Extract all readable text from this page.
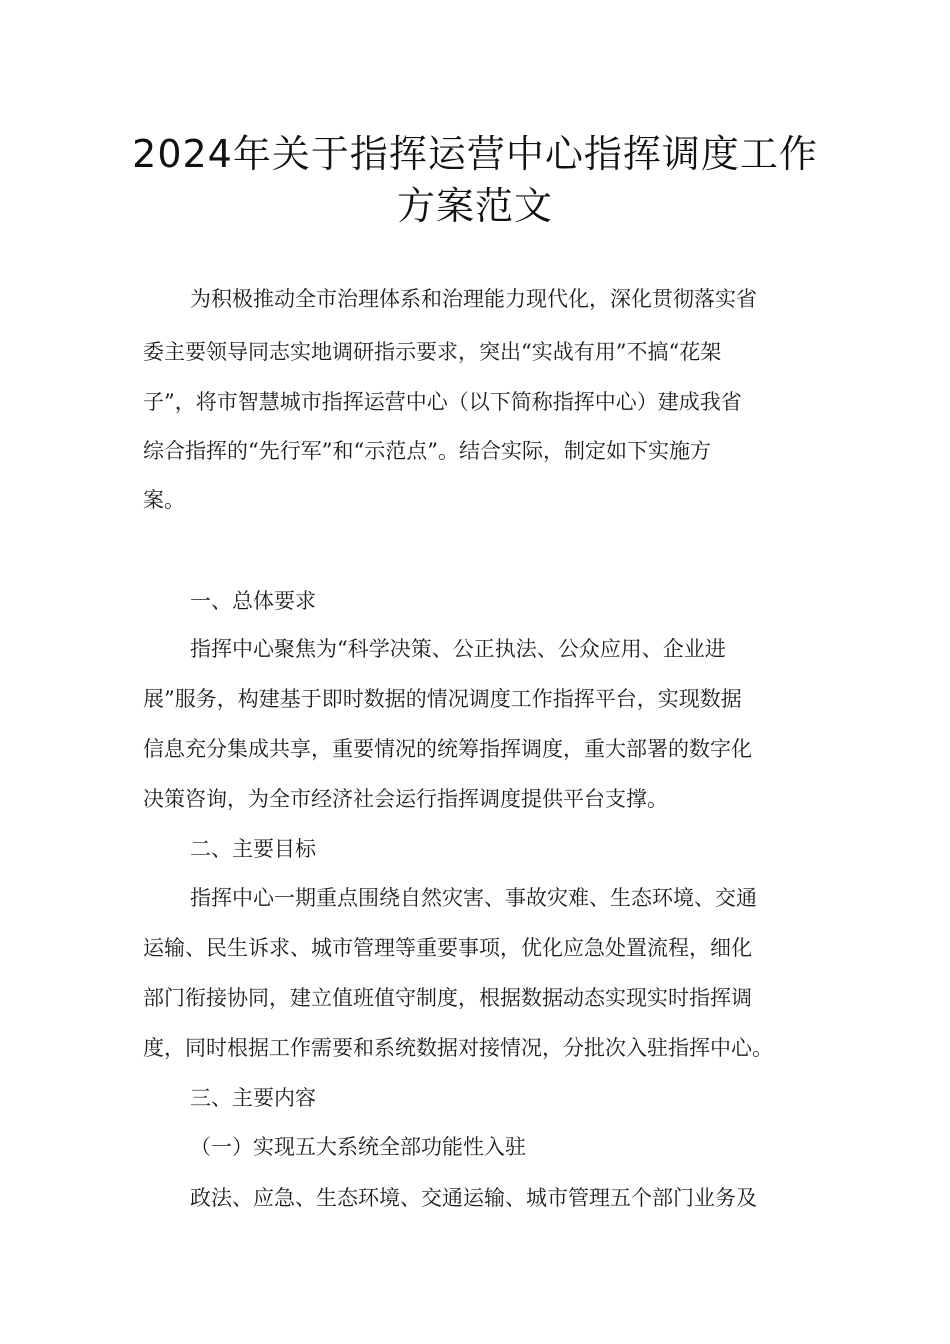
2024年关于指挥运营中心指挥调度工作
方案范文
为积极推动全市治理体系和治理能力现代化，深化贯彻落实省
委主要领导同志实地调研指示要求，突出“实战有用”不搞“花架
子”，将市智慧城市指挥运营中心（以下简称指挥中心）建成我省
综合指挥的“先行军”和“示范点”。结合实际，制定如下实施方
案。
一、总体要求
指挥中心聚焦为“科学决策、公正执法、公众应用、企业进
展”服务，构建基于即时数据的情况调度工作指挥平台，实现数据
信息充分集成共享，重要情况的统筹指挥调度，重大部署的数字化
决策咨询，为全市经济社会运行指挥调度提供平台支撑。
二、主要目标
指挥中心一期重点围绕自然灾害、事故灾难、生态环境、交通
运输、民生诉求、城市管理等重要事项，优化应急处置流程，细化
部门衔接协同，建立值班值守制度，根据数据动态实现实时指挥调
度，同时根据工作需要和系统数据对接情况，分批次入驻指挥中心。
三、主要内容
（一）实现五大系统全部功能性入驻
政法、应急、生态环境、交通运输、城市管理五个部门业务及
